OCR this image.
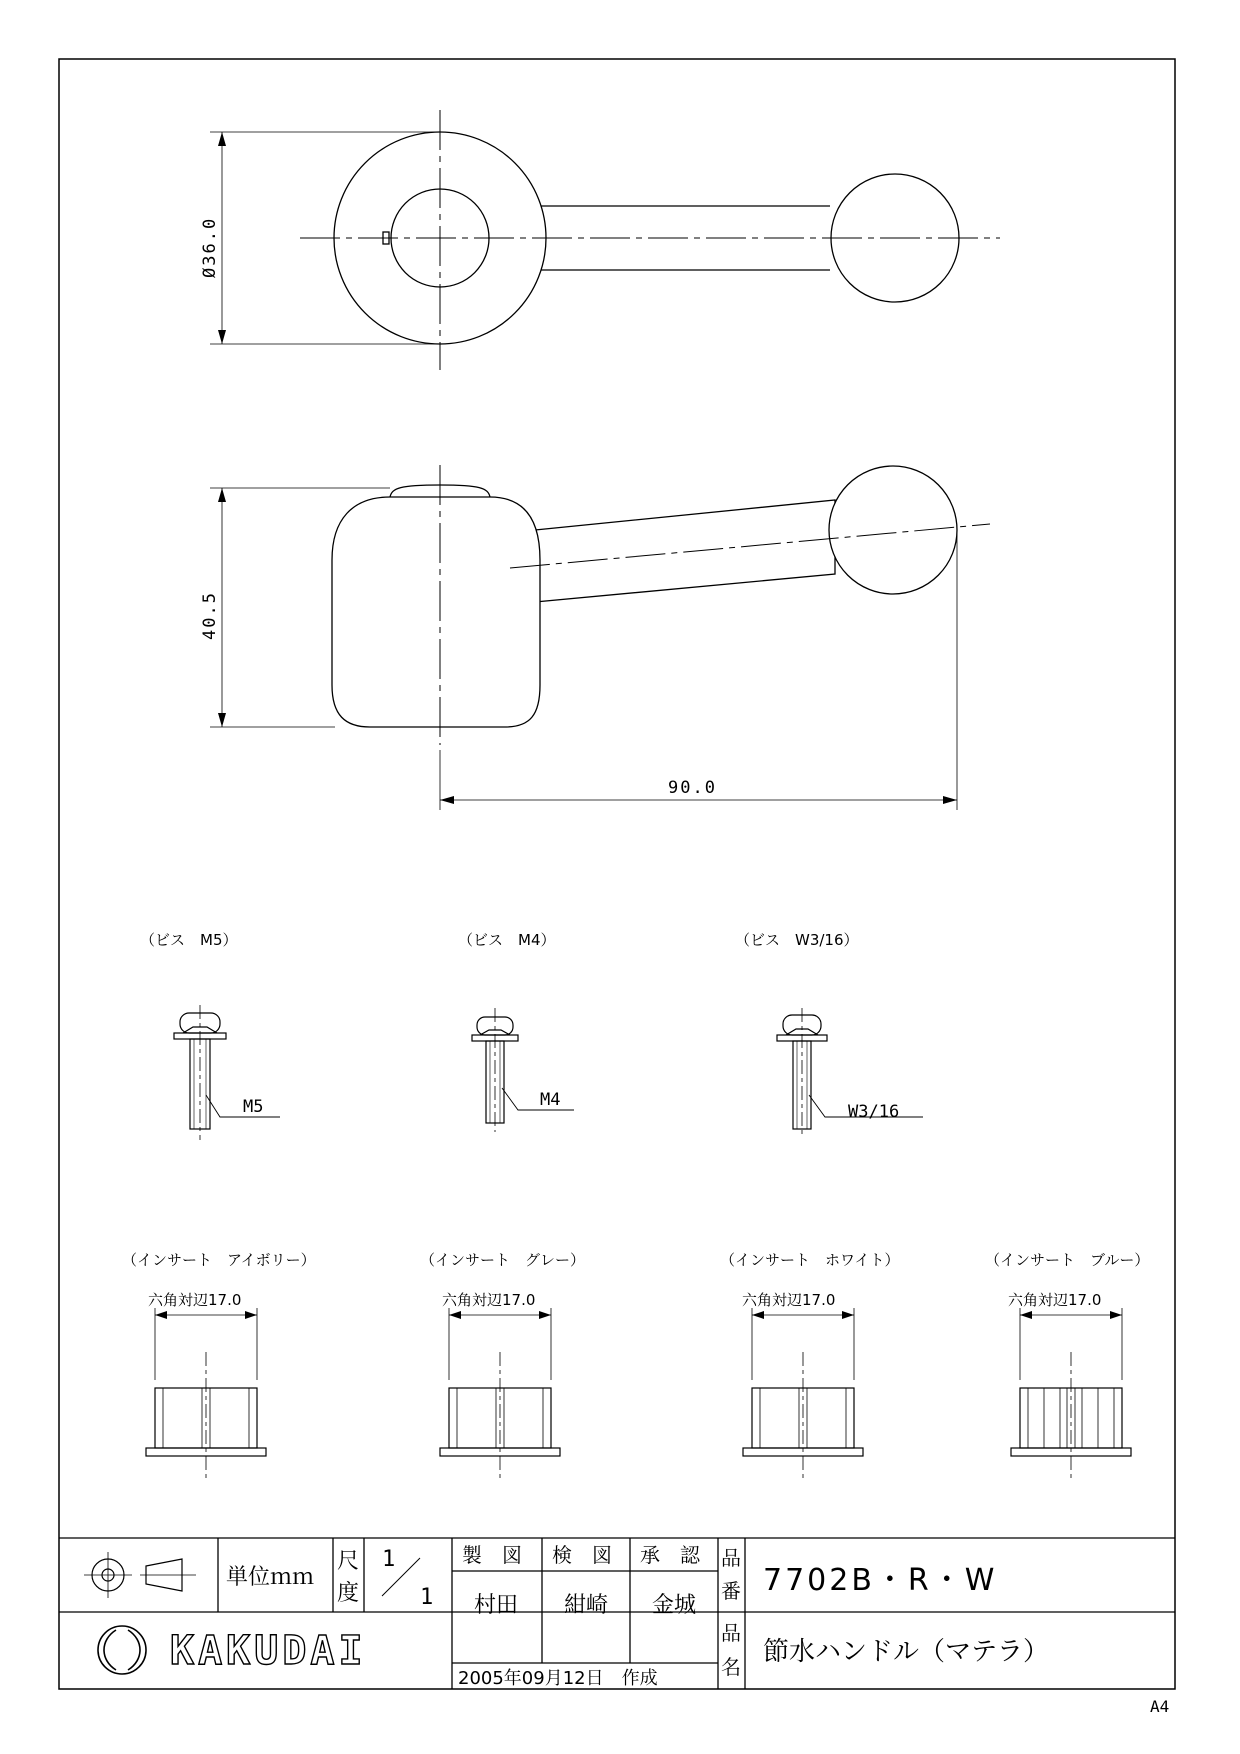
Ø36.0
40.5
90.0
（ビス　M5）
M5
（ビス　M4）
M4
（ビス　W3/16）
W3/16
（インサート　アイボリー）
六角対辺17.0
（インサート　グレー）
六角対辺17.0
（インサート　ホワイト）
六角対辺17.0
（インサート　ブルー）
六角対辺17.0
単位ｍｍ
尺
度
1
1
製　図 検　図 承　認
村田 紺崎 金城
品
番 7702B・R・W
品
名 節水ハンドル（マテラ）
2005年09月12日　作成
KAKUDAI
A4
